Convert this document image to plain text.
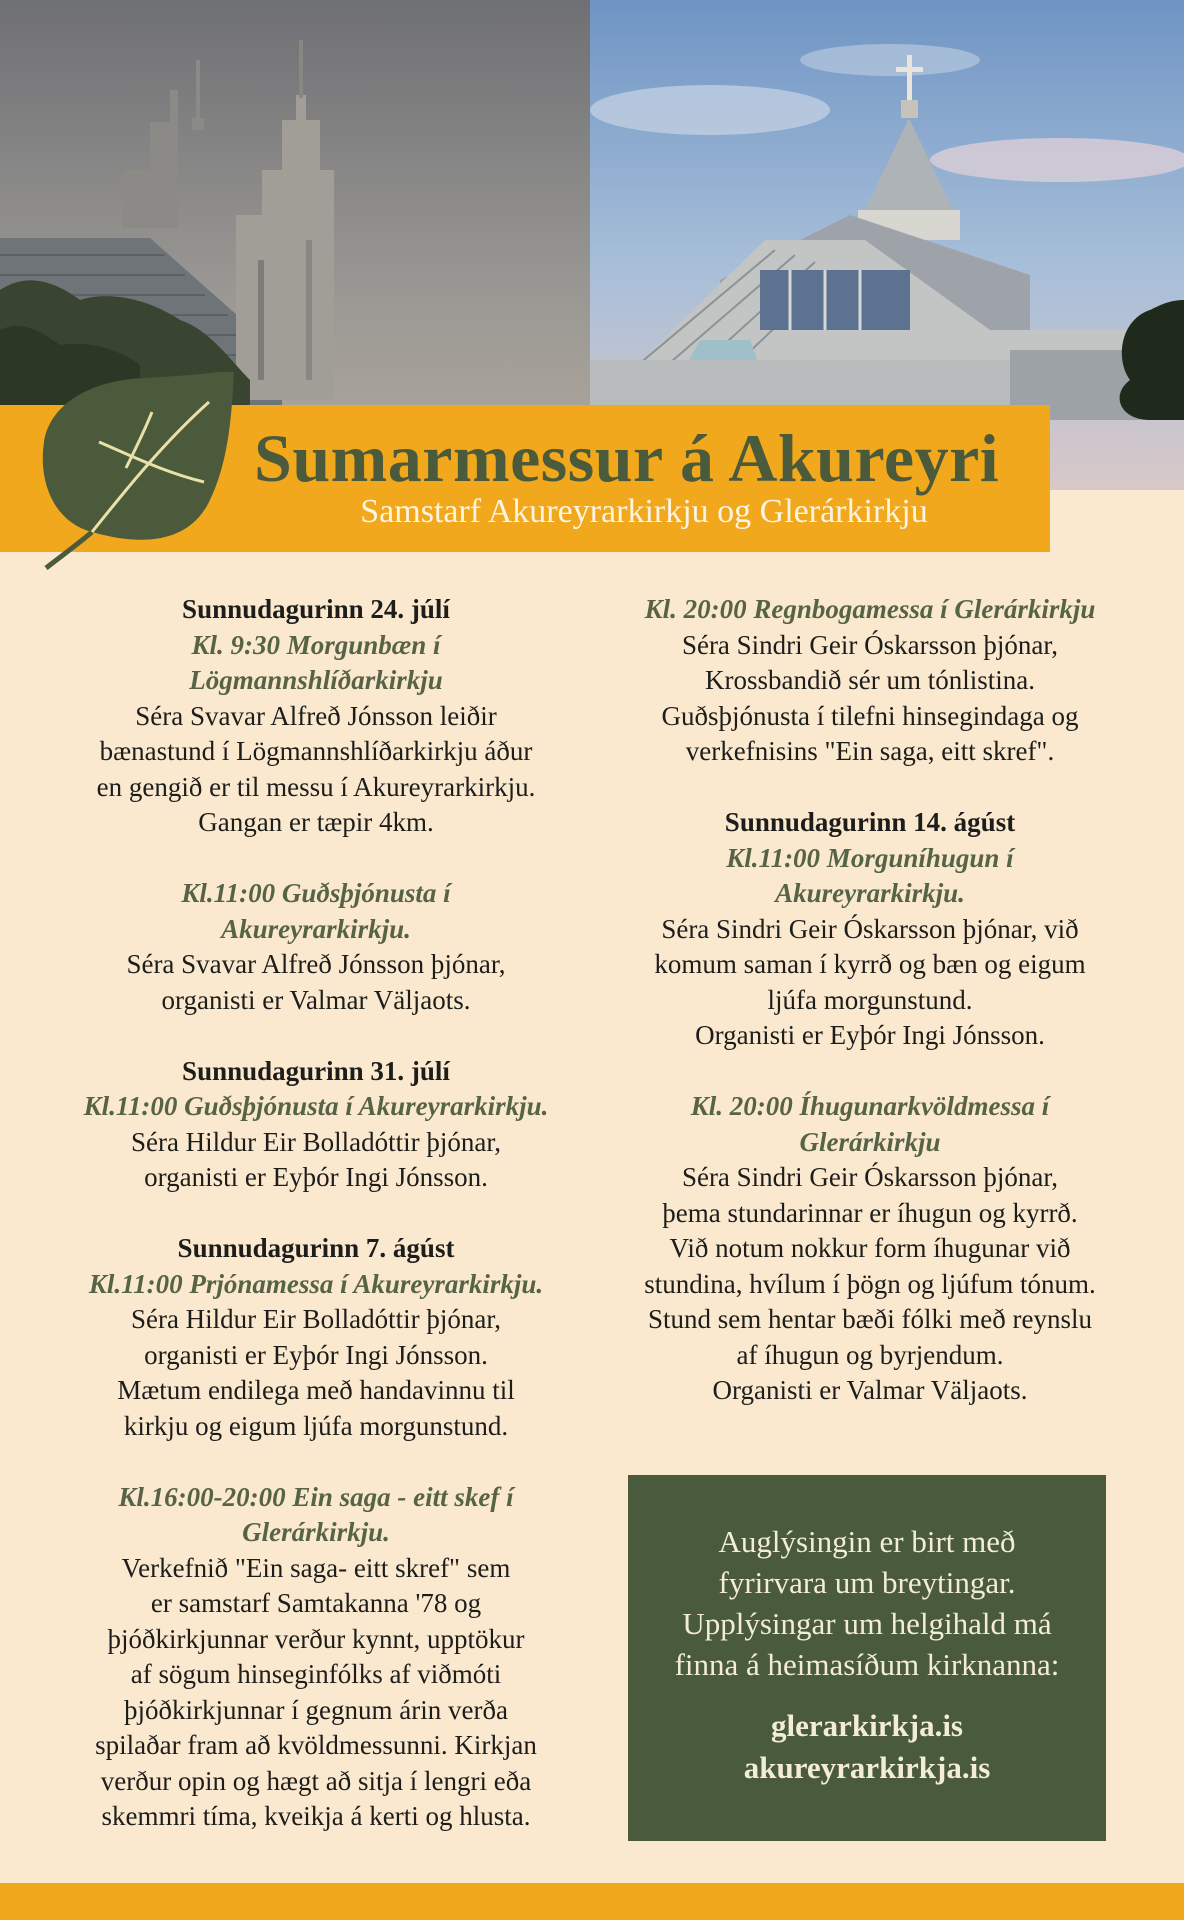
Sumarmessur á Akureyri
Samstarf Akureyrarkirkju og Glerárkirkju
Sunnudagurinn 24. júlí
Kl. 9:30 Morgunbæn í
Lögmannshlíðarkirkju
Séra Svavar Alfreð Jónsson leiðir
bænastund í Lögmannshlíðarkirkju áður
en gengið er til messu í Akureyrarkirkju.
Gangan er tæpir 4km.
Kl.11:00 Guðsþjónusta í
Akureyrarkirkju.
Séra Svavar Alfreð Jónsson þjónar,
organisti er Valmar Väljaots.
Sunnudagurinn 31. júlí
Kl.11:00 Guðsþjónusta í Akureyrarkirkju.
Séra Hildur Eir Bolladóttir þjónar,
organisti er Eyþór Ingi Jónsson.
Sunnudagurinn 7. ágúst
Kl.11:00 Prjónamessa í Akureyrarkirkju.
Séra Hildur Eir Bolladóttir þjónar,
organisti er Eyþór Ingi Jónsson.
Mætum endilega með handavinnu til
kirkju og eigum ljúfa morgunstund.
Kl.16:00-20:00 Ein saga - eitt skef í
Glerárkirkju.
Verkefnið "Ein saga- eitt skref" sem
er samstarf Samtakanna '78 og
þjóðkirkjunnar verður kynnt, upptökur
af sögum hinseginfólks af viðmóti
þjóðkirkjunnar í gegnum árin verða
spilaðar fram að kvöldmessunni. Kirkjan
verður opin og hægt að sitja í lengri eða
skemmri tíma, kveikja á kerti og hlusta.
Kl. 20:00 Regnbogamessa í Glerárkirkju
Séra Sindri Geir Óskarsson þjónar,
Krossbandið sér um tónlistina.
Guðsþjónusta í tilefni hinsegindaga og
verkefnisins "Ein saga, eitt skref".
Sunnudagurinn 14. ágúst
Kl.11:00 Morguníhugun í
Akureyrarkirkju.
Séra Sindri Geir Óskarsson þjónar, við
komum saman í kyrrð og bæn og eigum
ljúfa morgunstund.
Organisti er Eyþór Ingi Jónsson.
Kl. 20:00 Íhugunarkvöldmessa í
Glerárkirkju
Séra Sindri Geir Óskarsson þjónar,
þema stundarinnar er íhugun og kyrrð.
Við notum nokkur form íhugunar við
stundina, hvílum í þögn og ljúfum tónum.
Stund sem hentar bæði fólki með reynslu
af íhugun og byrjendum.
Organisti er Valmar Väljaots.
Auglýsingin er birt með
fyrirvara um breytingar.
Upplýsingar um helgihald má
finna á heimasíðum kirknanna:
glerarkirkja.is
akureyrarkirkja.is
